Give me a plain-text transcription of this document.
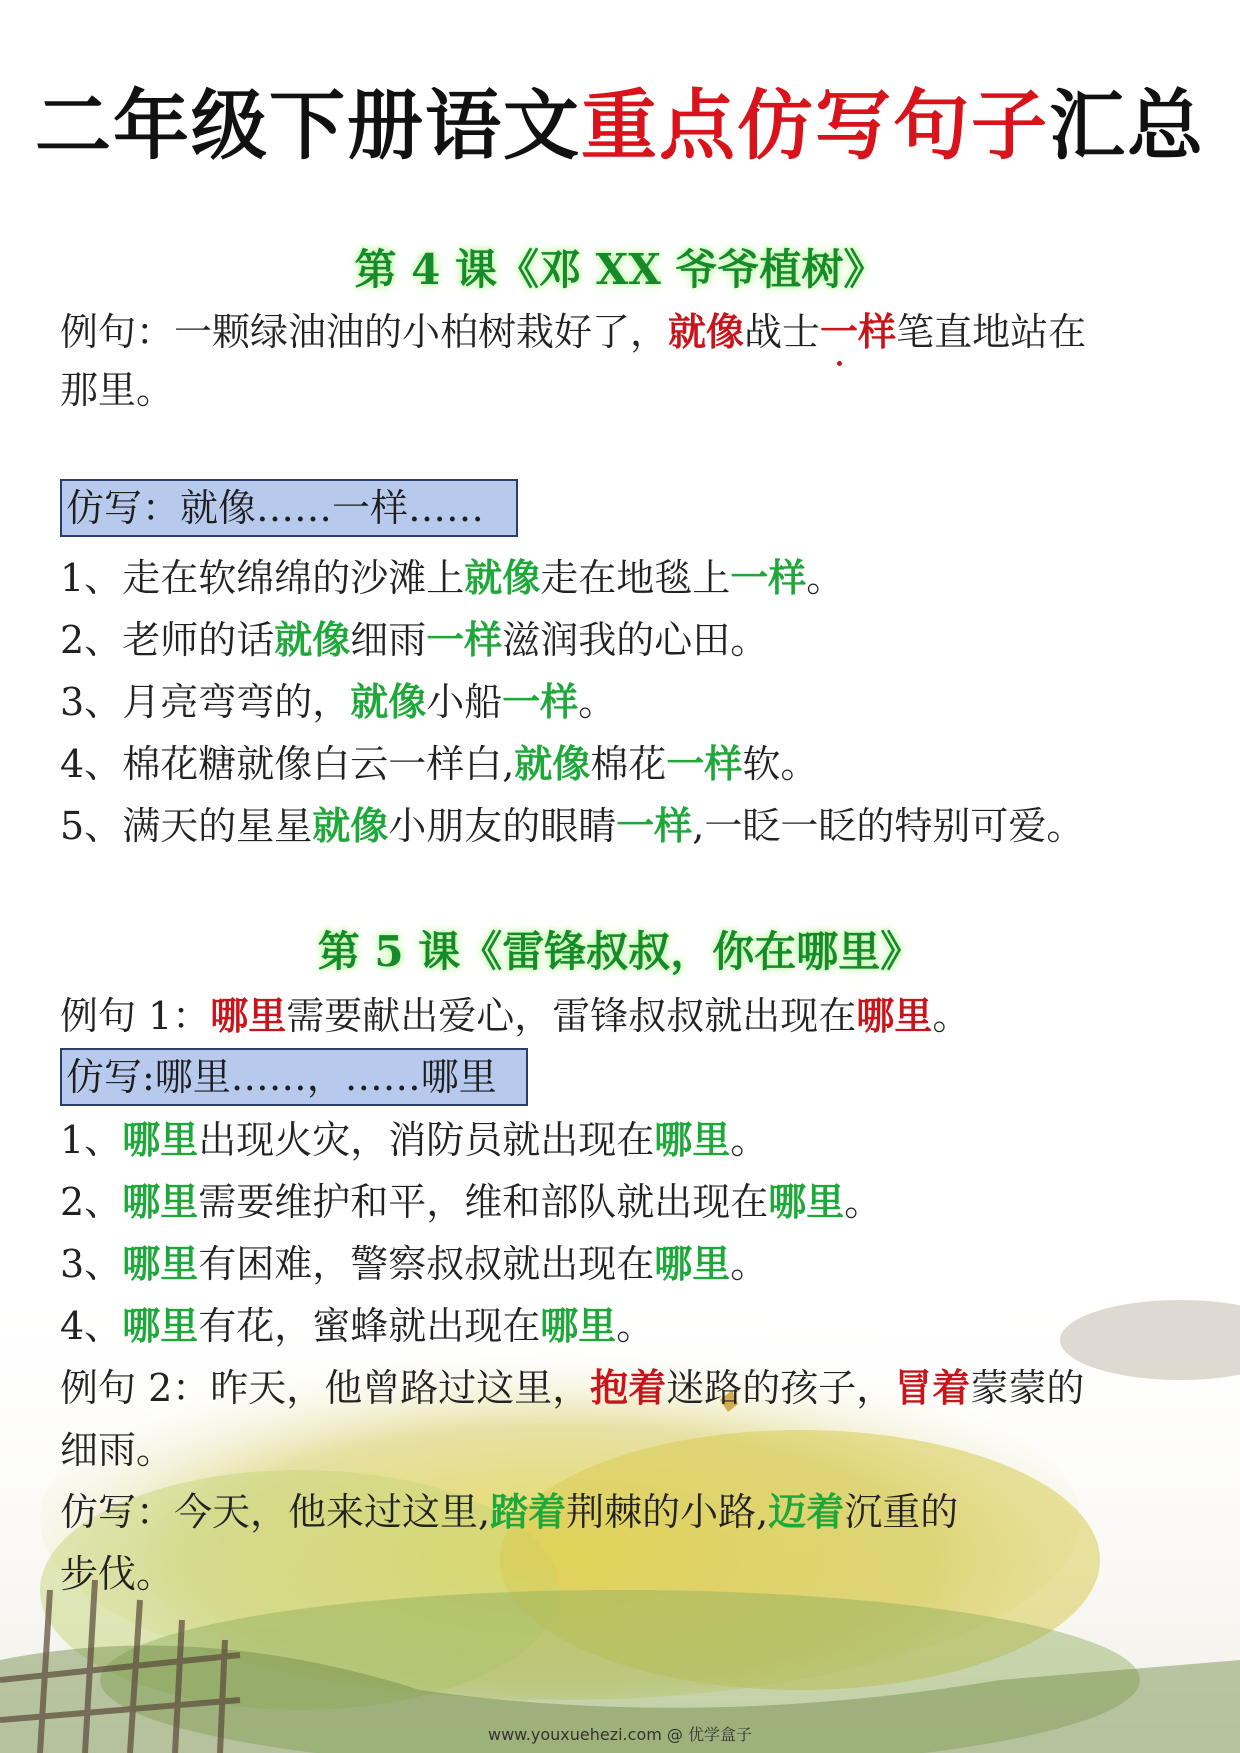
二年级下册语文重点仿写句子汇总
第 4 课《邓 XX 爷爷植树》
例句：一颗绿油油的小柏树栽好了，就像战士一样笔直地站在
那里。
仿写：就像……一样……
1、走在软绵绵的沙滩上就像走在地毯上一样。
2、老师的话就像细雨一样滋润我的心田。
3、月亮弯弯的，就像小船一样。
4、棉花糖就像白云一样白,就像棉花一样软。
5、满天的星星就像小朋友的眼睛一样,一眨一眨的特别可爱。
第 5 课《雷锋叔叔，你在哪里》
例句 1：哪里需要献出爱心，雷锋叔叔就出现在哪里。
仿写:哪里……，……哪里
1、哪里出现火灾，消防员就出现在哪里。
2、哪里需要维护和平，维和部队就出现在哪里。
3、哪里有困难，警察叔叔就出现在哪里。
4、哪里有花，蜜蜂就出现在哪里。
例句 2：昨天，他曾路过这里，抱着迷路的孩子，冒着蒙蒙的
细雨。
仿写：今天，他来过这里,踏着荆棘的小路,迈着沉重的
步伐。
www.youxuehezi.com @ 优学盒子
